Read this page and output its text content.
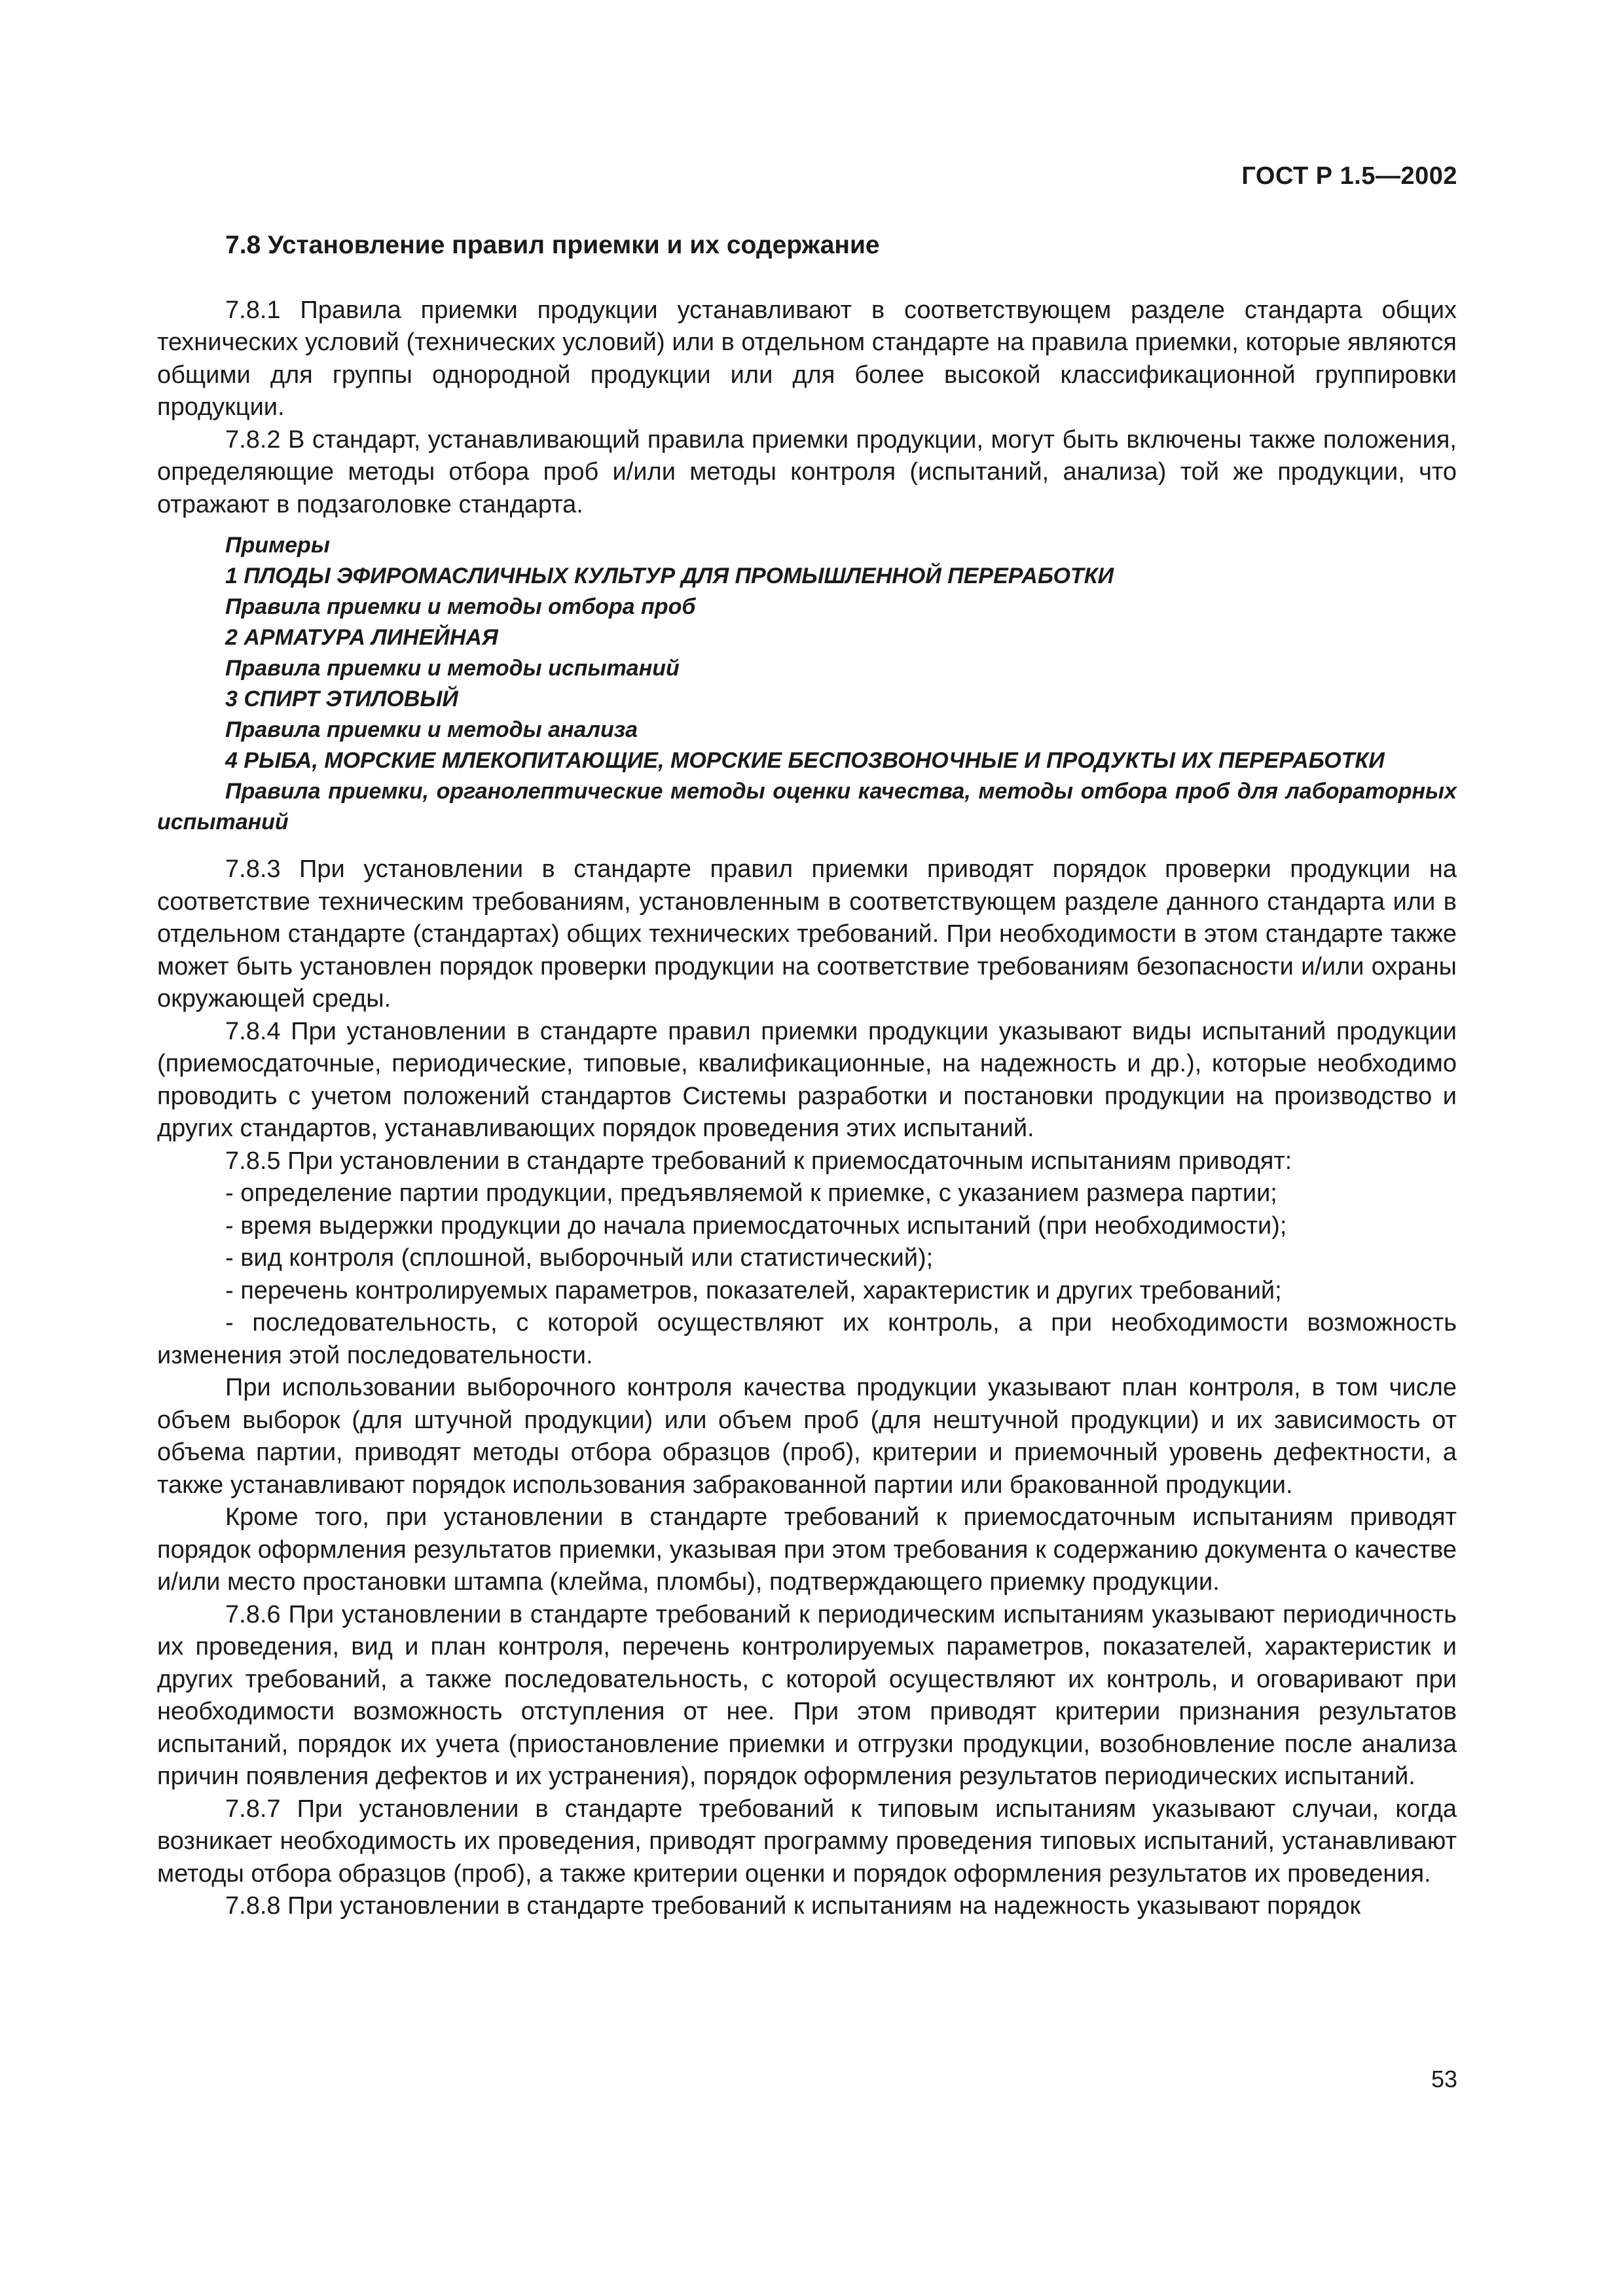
ГОСТ Р 1.5—2002

7.8 Установление правил приемки и их содержание

7.8.1 Правила приемки продукции устанавливают в соответствующем разделе стандарта общих технических условий (технических условий) или в отдельном стандарте на правила приемки, которые являются общими для группы однородной продукции или для более высокой классификационной группировки продукции.

7.8.2 В стандарт, устанавливающий правила приемки продукции, могут быть включены также положения, определяющие методы отбора проб и/или методы контроля (испытаний, анализа) той же продукции, что отражают в подзаголовке стандарта.

Примеры

1 ПЛОДЫ ЭФИРОМАСЛИЧНЫХ КУЛЬТУР ДЛЯ ПРОМЫШЛЕННОЙ ПЕРЕРАБОТКИ

Правила приемки и методы отбора проб

2 АРМАТУРА ЛИНЕЙНАЯ

Правила приемки и методы испытаний

3 СПИРТ ЭТИЛОВЫЙ

Правила приемки и методы анализа

4 РЫБА, МОРСКИЕ МЛЕКОПИТАЮЩИЕ, МОРСКИЕ БЕСПОЗВОНОЧНЫЕ И ПРОДУКТЫ ИХ ПЕРЕРАБОТКИ

Правила приемки, органолептические методы оценки качества, методы отбора проб для лабораторных испытаний

7.8.3 При установлении в стандарте правил приемки приводят порядок проверки продукции на соответствие техническим требованиям, установленным в соответствующем разделе данного стандарта или в отдельном стандарте (стандартах) общих технических требований. При необходимости в этом стандарте также может быть установлен порядок проверки продукции на соответствие требованиям безопасности и/или охраны окружающей среды.

7.8.4 При установлении в стандарте правил приемки продукции указывают виды испытаний продукции (приемосдаточные, периодические, типовые, квалификационные, на надежность и др.), которые необходимо проводить с учетом положений стандартов Системы разработки и постановки продукции на производство и других стандартов, устанавливающих порядок проведения этих испытаний.

7.8.5 При установлении в стандарте требований к приемосдаточным испытаниям приводят:

- определение партии продукции, предъявляемой к приемке, с указанием размера партии;
- время выдержки продукции до начала приемосдаточных испытаний (при необходимости);
- вид контроля (сплошной, выборочный или статистический);
- перечень контролируемых параметров, показателей, характеристик и других требований;
- последовательность, с которой осуществляют их контроль, а при необходимости возможность изменения этой последовательности.

При использовании выборочного контроля качества продукции указывают план контроля, в том числе объем выборок (для штучной продукции) или объем проб (для нештучной продукции) и их зависимость от объема партии, приводят методы отбора образцов (проб), критерии и приемочный уровень дефектности, а также устанавливают порядок использования забракованной партии или бракованной продукции.

Кроме того, при установлении в стандарте требований к приемосдаточным испытаниям приводят порядок оформления результатов приемки, указывая при этом требования к содержанию документа о качестве и/или место простановки штампа (клейма, пломбы), подтверждающего приемку продукции.

7.8.6 При установлении в стандарте требований к периодическим испытаниям указывают периодичность их проведения, вид и план контроля, перечень контролируемых параметров, показателей, характеристик и других требований, а также последовательность, с которой осуществляют их контроль, и оговаривают при необходимости возможность отступления от нее. При этом приводят критерии признания результатов испытаний, порядок их учета (приостановление приемки и отгрузки продукции, возобновление после анализа причин появления дефектов и их устранения), порядок оформления результатов периодических испытаний.

7.8.7 При установлении в стандарте требований к типовым испытаниям указывают случаи, когда возникает необходимость их проведения, приводят программу проведения типовых испытаний, устанавливают методы отбора образцов (проб), а также критерии оценки и порядок оформления результатов их проведения.

7.8.8 При установлении в стандарте требований к испытаниям на надежность указывают порядок

53
